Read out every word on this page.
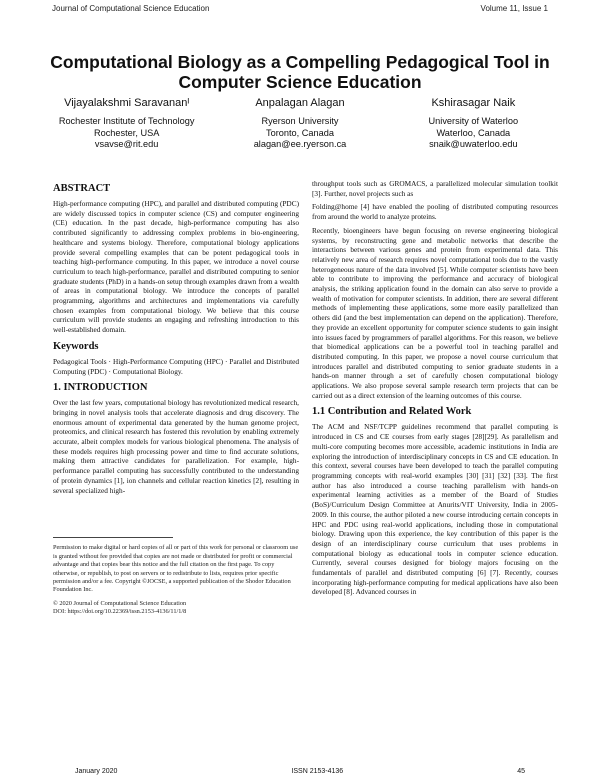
Journal of Computational Science Education	Volume 11, Issue 1
Computational Biology as a Compelling Pedagogical Tool in Computer Science Education
Vijayalakshmi Saravananᴵ
Rochester Institute of Technology
Rochester, USA
vsavse@rit.edu
Anpalagan Alagan
Ryerson University
Toronto, Canada
alagan@ee.ryerson.ca
Kshirasagar Naik
University of Waterloo
Waterloo, Canada
snaik@uwaterloo.edu
ABSTRACT

High-performance computing (HPC), and parallel and distributed computing (PDC) are widely discussed topics in computer science (CS) and computer engineering (CE) education. In the past decade, high-performance computing has also contributed significantly to addressing complex problems in bio-engineering, healthcare and systems biology. Therefore, computational biology applications provide several compelling examples that can be potent pedagogical tools in teaching high-performance computing. In this paper, we introduce a novel course curriculum to teach high-performance, parallel and distributed computing to senior graduate students (PhD) in a hands-on setup through examples drawn from a wealth of areas in computational biology. We introduce the concepts of parallel programming, algorithms and architectures and implementations via carefully chosen examples from computational biology. We believe that this course curriculum will provide students an engaging and refreshing introduction to this well-established domain.

Keywords

Pedagogical Tools · High-Performance Computing (HPC) · Parallel and Distributed Computing (PDC) · Computational Biology.

1. INTRODUCTION

Over the last few years, computational biology has revolutionized medical research, bringing in novel analysis tools that accelerate diagnosis and drug discovery. The enormous amount of experimental data generated by the human genome project, proteomics, and clinical research has fostered this revolution by enabling extremely accurate, albeit complex models for various biological phenomena. The analysis of these models requires high processing power and time to find accurate solutions, making them attractive candidates for parallelization. For example, high-performance parallel computing has successfully contributed to the understanding of protein dynamics [1], ion channels and cellular reaction kinetics [2], resulting in several specialized high-

Permission to make digital or hard copies of all or part of this work for personal or classroom use is granted without fee provided that copies are not made or distributed for profit or commercial advantage and that copies bear this notice and the full citation on the first page. To copy otherwise, or republish, to post on servers or to redistribute to lists, requires prior specific permission and/or a fee. Copyright ©JOCSE, a supported publication of the Shodor Education Foundation Inc.

© 2020 Journal of Computational Science Education

DOI: https://doi.org/10.22369/issn.2153-4136/11/1/8

throughput tools such as GROMACS, a parallelized molecular simulation toolkit [3]. Further, novel projects such as

Folding@home [4] have enabled the pooling of distributed computing resources from around the world to analyze proteins.

Recently, bioengineers have begun focusing on reverse engineering biological systems, by reconstructing gene and metabolic networks that describe the interactions between various genes and protein from experimental data. This relatively new area of research requires novel computational tools due to the vastly heterogeneous nature of the data involved [5]. While computer scientists have been able to contribute to improving the performance and accuracy of biological analysis, the striking application found in the domain can also serve to provide a wealth of motivation for computer scientists. In addition, there are several different methods of implementing these applications, some more easily parallelized than others did (and the best implementation can depend on the application). Therefore, they provide an excellent opportunity for computer science students to gain insight into issues faced by programmers of parallel algorithms. For this reason, we believe that biomedical applications can be a powerful tool in teaching parallel and distributed computing. In this paper, we propose a novel course curriculum that introduces parallel and distributed computing to senior graduate students in a hands-on manner through a set of carefully chosen computational biology applications. We also propose several sample research term projects that can be carried out as a direct extension of the learning outcomes of this course.

1.1 Contribution and Related Work

The ACM and NSF/TCPP guidelines recommend that parallel computing is introduced in CS and CE courses from early stages [28][29]. As parallelism and multi-core computing becomes more accessible, academic institutions in India are exploring the introduction of interdisciplinary concepts in CS and CE education. In this context, several courses have been developed to teach the parallel computing programming concepts with real-world examples [30] [31] [32] [33]. The first author has also introduced a course teaching parallelism with hands-on experimental learning activities as a member of the Board of Studies (BoS)/Curriculum Design Committee at Anurits/VIT University, India in 2005-2009. In this course, the author piloted a new course introducing certain concepts in HPC and PDC using real-world applications, including those in computational biology. Drawing upon this experience, the key contribution of this paper is the design of an interdisciplinary course curriculum that uses problems in computational biology as educational tools in computer science education. Currently, several courses designed for biology majors focusing on the fundamentals of parallel and distributed computing [6] [7]. Recently, courses incorporating high-performance computing for medical applications have also been developed [8]. Advanced courses in

January 2020	ISSN 2153-4136	45
